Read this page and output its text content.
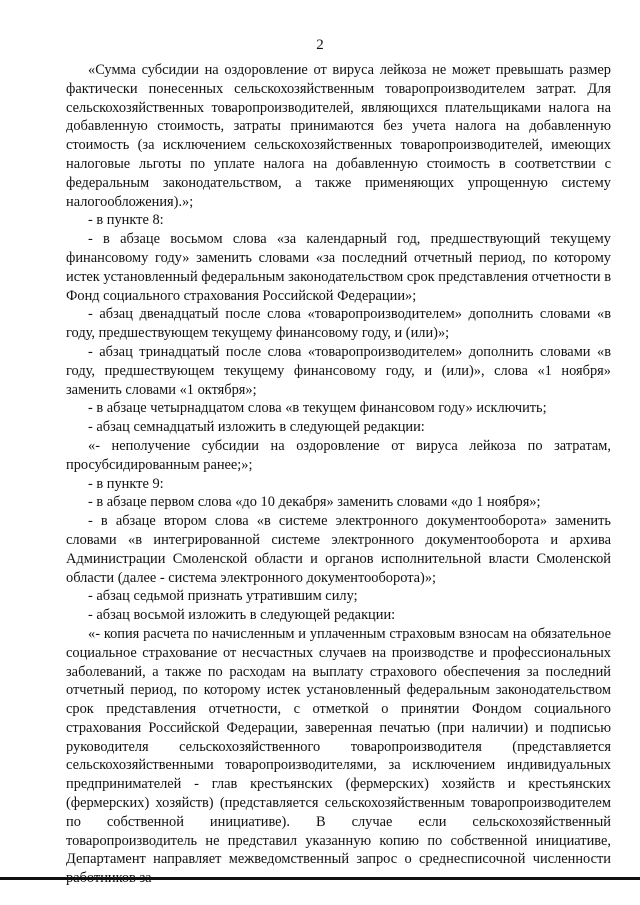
2

«Сумма субсидии на оздоровление от вируса лейкоза не может превышать размер фактически понесенных сельскохозяйственным товаропроизводителем затрат. Для сельскохозяйственных товаропроизводителей, являющихся плательщиками налога на добавленную стоимость, затраты принимаются без учета налога на добавленную стоимость (за исключением сельскохозяйственных товаропроизводителей, имеющих налоговые льготы по уплате налога на добавленную стоимость в соответствии с федеральным законодательством, а также применяющих упрощенную систему налогообложения).»;

- в пункте 8:

- в абзаце восьмом слова «за календарный год, предшествующий текущему финансовому году» заменить словами «за последний отчетный период, по которому истек установленный федеральным законодательством срок представления отчетности в Фонд социального страхования Российской Федерации»;

- абзац двенадцатый после слова «товаропроизводителем» дополнить словами «в году, предшествующем текущему финансовому году, и (или)»;

- абзац тринадцатый после слова «товаропроизводителем» дополнить словами «в году, предшествующем текущему финансовому году, и (или)», слова «1 ноября» заменить словами «1 октября»;

- в абзаце четырнадцатом слова «в текущем финансовом году» исключить;

- абзац семнадцатый изложить в следующей редакции:

«- неполучение субсидии на оздоровление от вируса лейкоза по затратам, просубсидированным ранее;»;

- в пункте 9:

- в абзаце первом слова «до 10 декабря» заменить словами «до 1 ноября»;

- в абзаце втором слова «в системе электронного документооборота» заменить словами «в интегрированной системе электронного документооборота и архива Администрации Смоленской области и органов исполнительной власти Смоленской области (далее - система электронного документооборота)»;

- абзац седьмой признать утратившим силу;

- абзац восьмой изложить в следующей редакции:

«- копия расчета по начисленным и уплаченным страховым взносам на обязательное социальное страхование от несчастных случаев на производстве и профессиональных заболеваний, а также по расходам на выплату страхового обеспечения за последний отчетный период, по которому истек установленный федеральным законодательством срок представления отчетности, с отметкой о принятии Фондом социального страхования Российской Федерации, заверенная печатью (при наличии) и подписью руководителя сельскохозяйственного товаропроизводителя (представляется сельскохозяйственными товаропроизводителями, за исключением индивидуальных предпринимателей - глав крестьянских (фермерских) хозяйств и крестьянских (фермерских) хозяйств) (представляется сельскохозяйственным товаропроизводителем по собственной инициативе). В случае если сельскохозяйственный товаропроизводитель не представил указанную копию по собственной инициативе, Департамент направляет межведомственный запрос о среднесписочной численности
